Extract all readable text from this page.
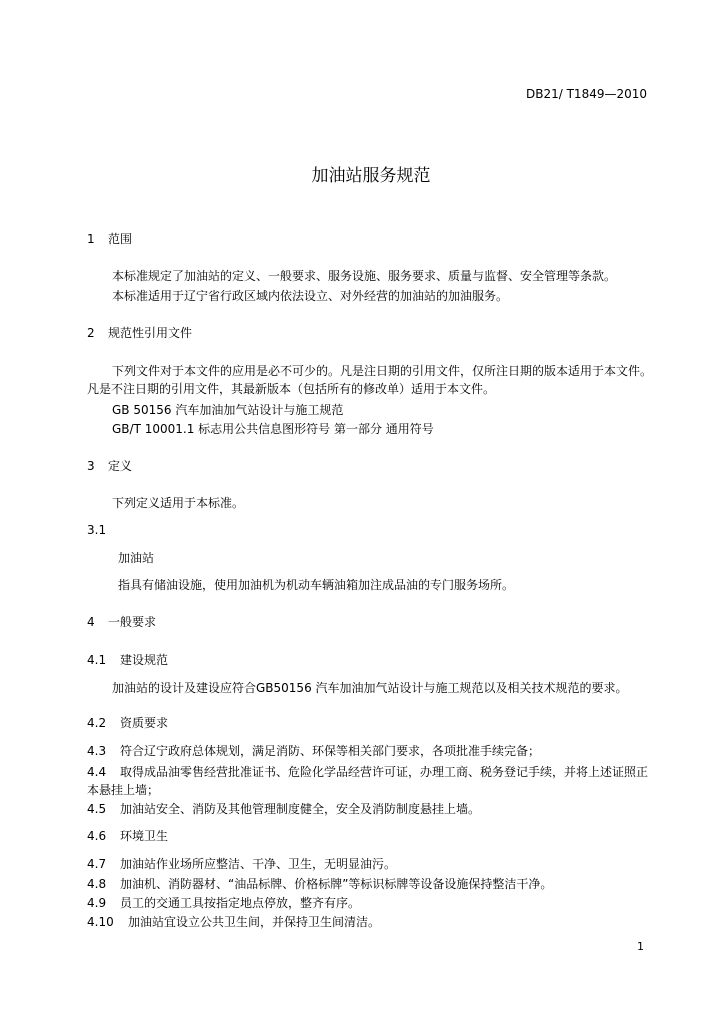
DB21/ T1849—2010
加油站服务规范
1 范围
本标准规定了加油站的定义、一般要求、服务设施、服务要求、质量与监督、安全管理等条款。
本标准适用于辽宁省行政区域内依法设立、对外经营的加油站的加油服务。
2 规范性引用文件
下列文件对于本文件的应用是必不可少的。凡是注日期的引用文件，仅所注日期的版本适用于本文件。凡是不注日期的引用文件，其最新版本（包括所有的修改单）适用于本文件。
GB 50156 汽车加油加气站设计与施工规范
GB/T 10001.1 标志用公共信息图形符号 第一部分 通用符号
3 定义
下列定义适用于本标准。
3.1
加油站
指具有储油设施，使用加油机为机动车辆油箱加注成品油的专门服务场所。
4 一般要求
4.1 建设规范
加油站的设计及建设应符合GB50156 汽车加油加气站设计与施工规范以及相关技术规范的要求。
4.2 资质要求
4.3 符合辽宁政府总体规划，满足消防、环保等相关部门要求，各项批准手续完备；
4.4 取得成品油零售经营批准证书、危险化学品经营许可证，办理工商、税务登记手续，并将上述证照正本悬挂上墙；
4.5 加油站安全、消防及其他管理制度健全，安全及消防制度悬挂上墙。
4.6 环境卫生
4.7 加油站作业场所应整洁、干净、卫生，无明显油污。
4.8 加油机、消防器材、“油品标牌、价格标牌”等标识标牌等设备设施保持整洁干净。
4.9 员工的交通工具按指定地点停放，整齐有序。
4.10 加油站宜设立公共卫生间，并保持卫生间清洁。
1
